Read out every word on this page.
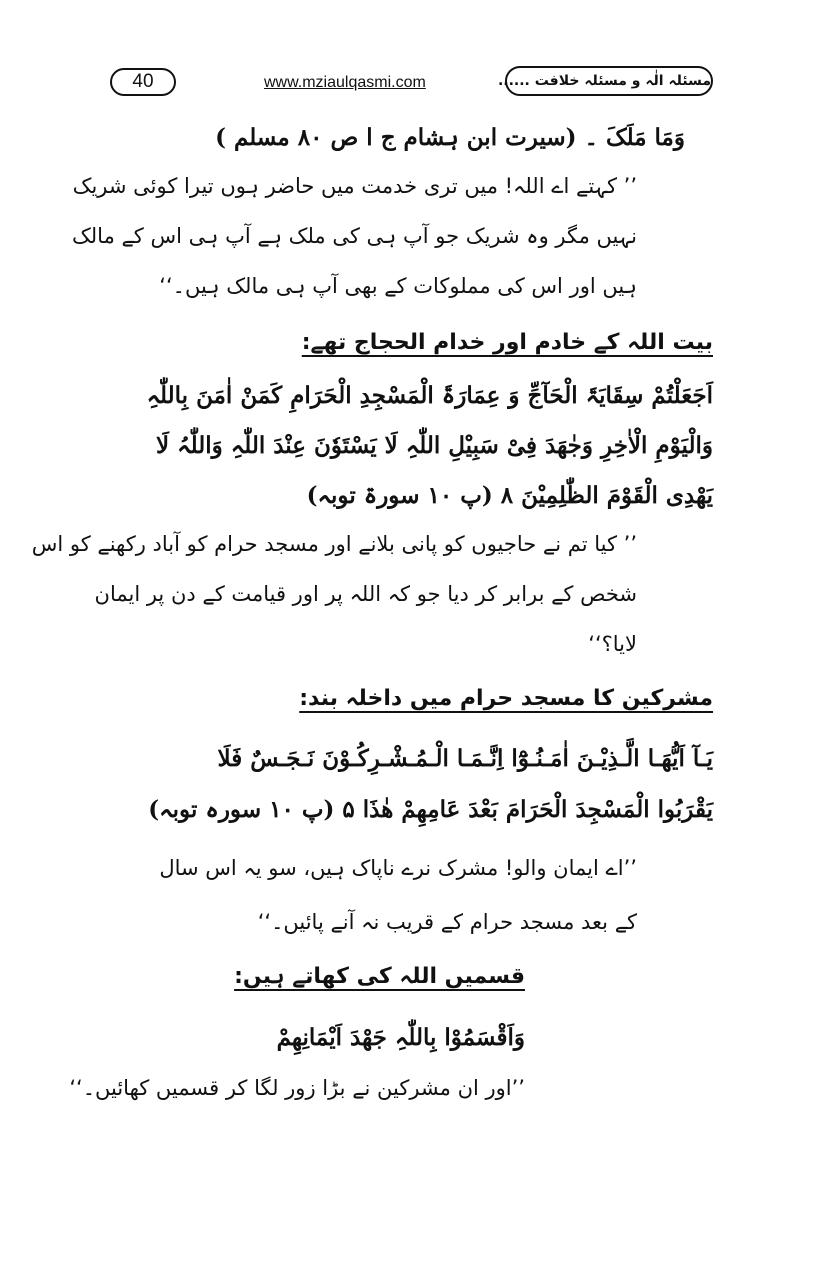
40	www.mziaulqasmi.com	مسئلہ الٰہ و مسئلہ خلافت ......
وَمَا مَلَکَ ۔ (سیرت ابن ہشام ج ا ص ۸۰ مسلم )
’’ کہتے اے اللہ! میں تری خدمت میں حاضر ہوں تیرا کوئی شریک
نہیں مگر وہ شریک جو آپ ہی کی ملک ہے آپ ہی اس کے مالک
ہیں اور اس کی مملوکات کے بھی آپ ہی مالک ہیں۔‘‘
بیت اللہ کے خادم اور خدام الحجاج تھے:
اَجَعَلْتُمْ سِقَایَۃَ الْحَآجِّ وَ عِمَارَۃَ الْمَسْجِدِ الْحَرَامِ کَمَنْ اٰمَنَ بِاللّٰہِ
وَالْیَوْمِ الْاٰخِرِ وَجٰھَدَ فِیْ سَبِیْلِ اللّٰہِ لَا یَسْتَوٗنَ عِنْدَ اللّٰہِ وَاللّٰہُ لَا
یَھْدِی الْقَوْمَ الظّٰلِمِیْنَ ۸ (پ ۱۰ سورۃ توبہ)
’’ کیا تم نے حاجیوں کو پانی بلانے اور مسجد حرام کو آباد رکھنے کو اس
شخص کے برابر کر دیا جو کہ اللہ پر اور قیامت کے دن پر ایمان
لایا؟‘‘
مشرکین کا مسجد حرام میں داخلہ بند:
یَـآ اَیُّھَـا الَّـذِیْـنَ اٰمَـنُـوْٓا اِنَّـمَـا الْـمُـشْـرِكُـوْنَ نَـجَـسٌ فَلَا
یَقْرَبُوا الْمَسْجِدَ الْحَرَامَ بَعْدَ عَامِھِمْ ھٰذَا ۵ (پ ۱۰ سورہ توبہ)
’’اے ایمان والو! مشرک نرے ناپاک ہیں، سو یہ اس سال
کے بعد مسجد حرام کے قریب نہ آنے پائیں۔‘‘
قسمیں اللہ کی کھاتے ہیں:
وَاَقْسَمُوْا بِاللّٰہِ جَھْدَ اَیْمَانِھِمْ
’’اور ان مشرکین نے بڑا زور لگا کر قسمیں کھائیں۔‘‘
